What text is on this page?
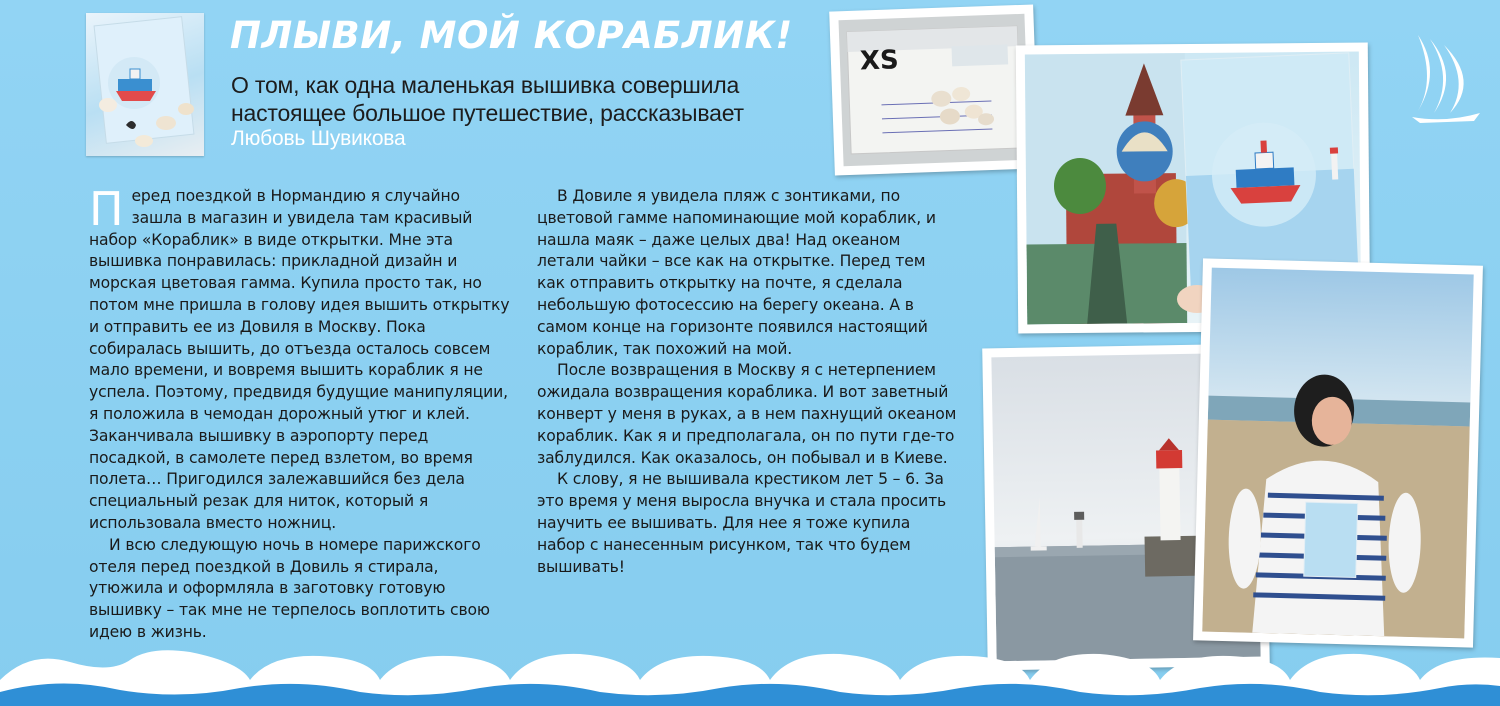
ПЛЫВИ, МОЙ КОРАБЛИК!

О том, как одна маленькая вышивка совершила настоящее большое путешествие, рассказывает

Любовь Шувикова

Перед поездкой в Нормандию я случайно зашла в магазин и увидела там красивый набор «Кораблик» в виде открытки. Мне эта вышивка понравилась: прикладной дизайн и морская цветовая гамма. Купила просто так, но потом мне пришла в голову идея вышить открытку и отправить ее из Довиля в Москву. Пока собиралась вышить, до отъезда осталось совсем мало времени, и вовремя вышить кораблик я не успела. Поэтому, предвидя будущие манипуляции, я положила в чемодан дорожный утюг и клей. Заканчивала вышивку в аэропорту перед посадкой, в самолете перед взлетом, во время полета… Пригодился залежавшийся без дела специальный резак для ниток, который я использовала вместо ножниц.

И всю следующую ночь в номере парижского отеля перед поездкой в Довиль я стирала, утюжила и оформляла в заготовку готовую вышивку – так мне не терпелось воплотить свою идею в жизнь.

В Довиле я увидела пляж с зонтиками, по цветовой гамме напоминающие мой кораблик, и нашла маяк – даже целых два! Над океаном летали чайки – все как на открытке. Перед тем как отправить открытку на почте, я сделала небольшую фотосессию на берегу океана. А в самом конце на горизонте появился настоящий кораблик, так похожий на мой.

После возвращения в Москву я с нетерпением ожидала возвращения кораблика. И вот заветный конверт у меня в руках, а в нем пахнущий океаном кораблик. Как я и предполагала, он по пути где-то заблудился. Как оказалось, он побывал и в Киеве.

К слову, я не вышивала крестиком лет 5 – 6. За это время у меня выросла внучка и стала просить научить ее вышивать. Для нее я тоже купила набор с нанесенным рисунком, так что будем вышивать!

XS
